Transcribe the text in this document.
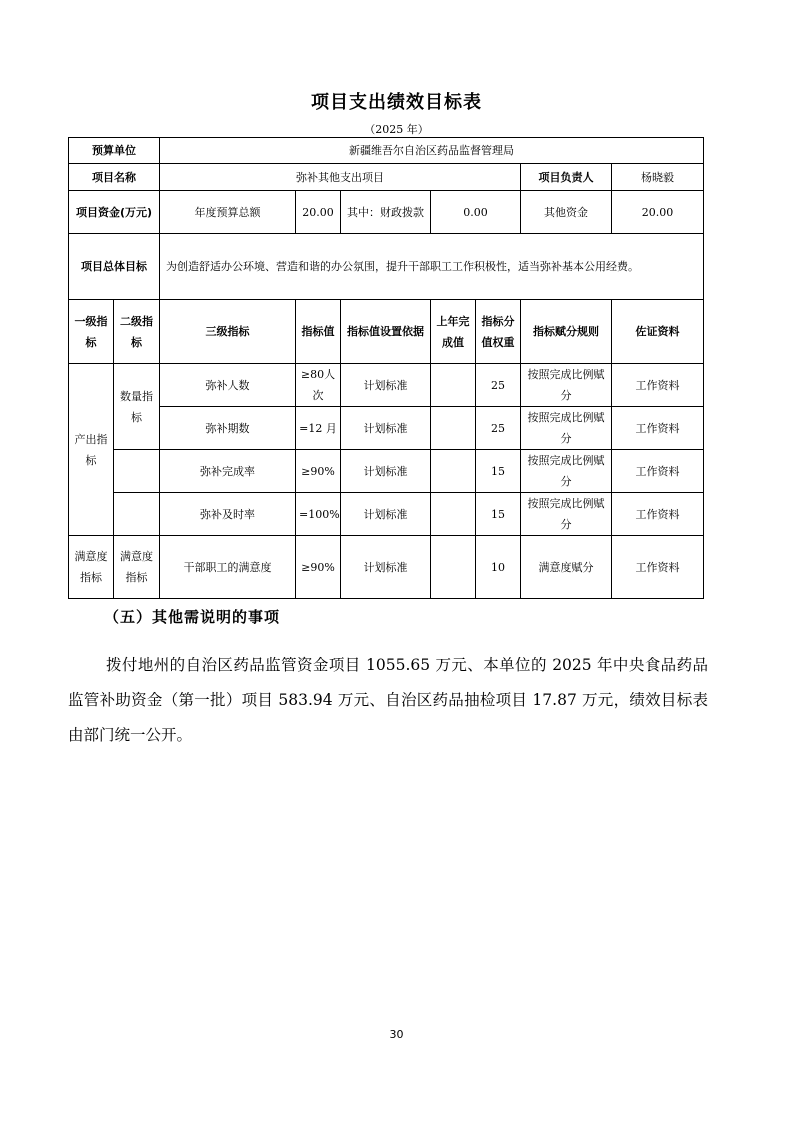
项目支出绩效目标表
（2025 年）
预算单位		新疆维吾尔自治区药品监督管理局						
项目名称		弥补其他支出项目					项目负责人	杨晓毅
项目资金(万元)		年度预算总额	20.00	其中：财政拨款	0.00		其他资金	20.00
项目总体目标		为创造舒适办公环境、营造和谐的办公氛围，提升干部职工工作积极性，适当弥补基本公用经费。						
一级指标	二级指标	三级指标	指标值	指标值设置依据	上年完成值	指标分值权重	指标赋分规则	佐证资料
产出指标	数量指标	弥补人数	≥80人次	计划标准		25	按照完成比例赋分	工作资料
		弥补期数	=12 月	计划标准		25	按照完成比例赋分	工作资料
		弥补完成率	≥90%	计划标准		15	按照完成比例赋分	工作资料
		弥补及时率	=100%	计划标准		15	按照完成比例赋分	工作资料
满意度指标	满意度指标	干部职工的满意度	≥90%	计划标准		10	满意度赋分	工作资料
（五）其他需说明的事项

拨付地州的自治区药品监管资金项目 1055.65 万元、本单位的 2025 年中央食品药品监管补助资金（第一批）项目 583.94 万元、自治区药品抽检项目 17.87 万元，绩效目标表由部门统一公开。

30
